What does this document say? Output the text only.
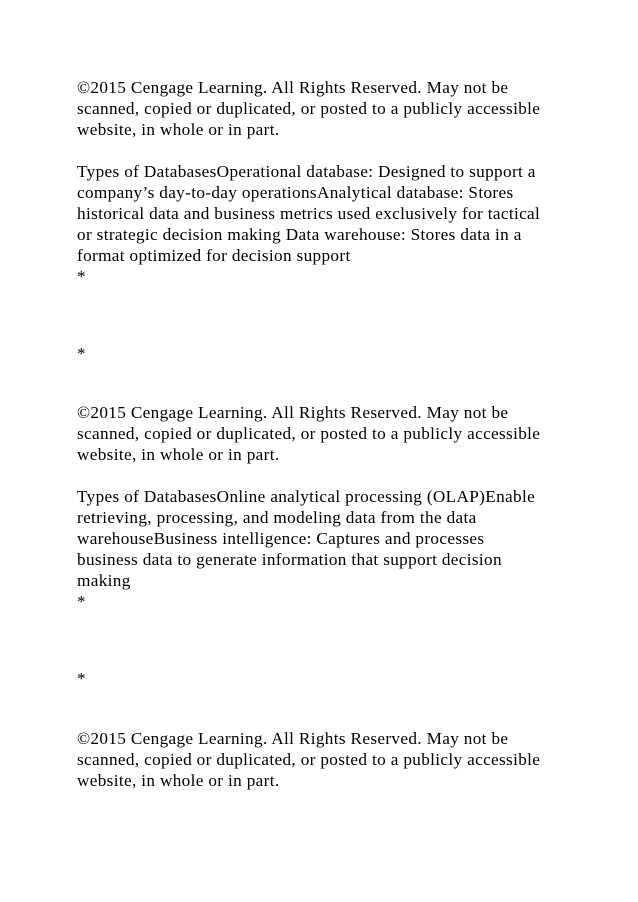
©2015 Cengage Learning. All Rights Reserved. May not be
scanned, copied or duplicated, or posted to a publicly accessible
website, in whole or in part.
Types of DatabasesOperational database: Designed to support a
company’s day-to-day operationsAnalytical database: Stores
historical data and business metrics used exclusively for tactical
or strategic decision making Data warehouse: Stores data in a
format optimized for decision support
*
*
©2015 Cengage Learning. All Rights Reserved. May not be
scanned, copied or duplicated, or posted to a publicly accessible
website, in whole or in part.
Types of DatabasesOnline analytical processing (OLAP)Enable
retrieving, processing, and modeling data from the data
warehouseBusiness intelligence: Captures and processes
business data to generate information that support decision
making
*
*
©2015 Cengage Learning. All Rights Reserved. May not be
scanned, copied or duplicated, or posted to a publicly accessible
website, in whole or in part.
